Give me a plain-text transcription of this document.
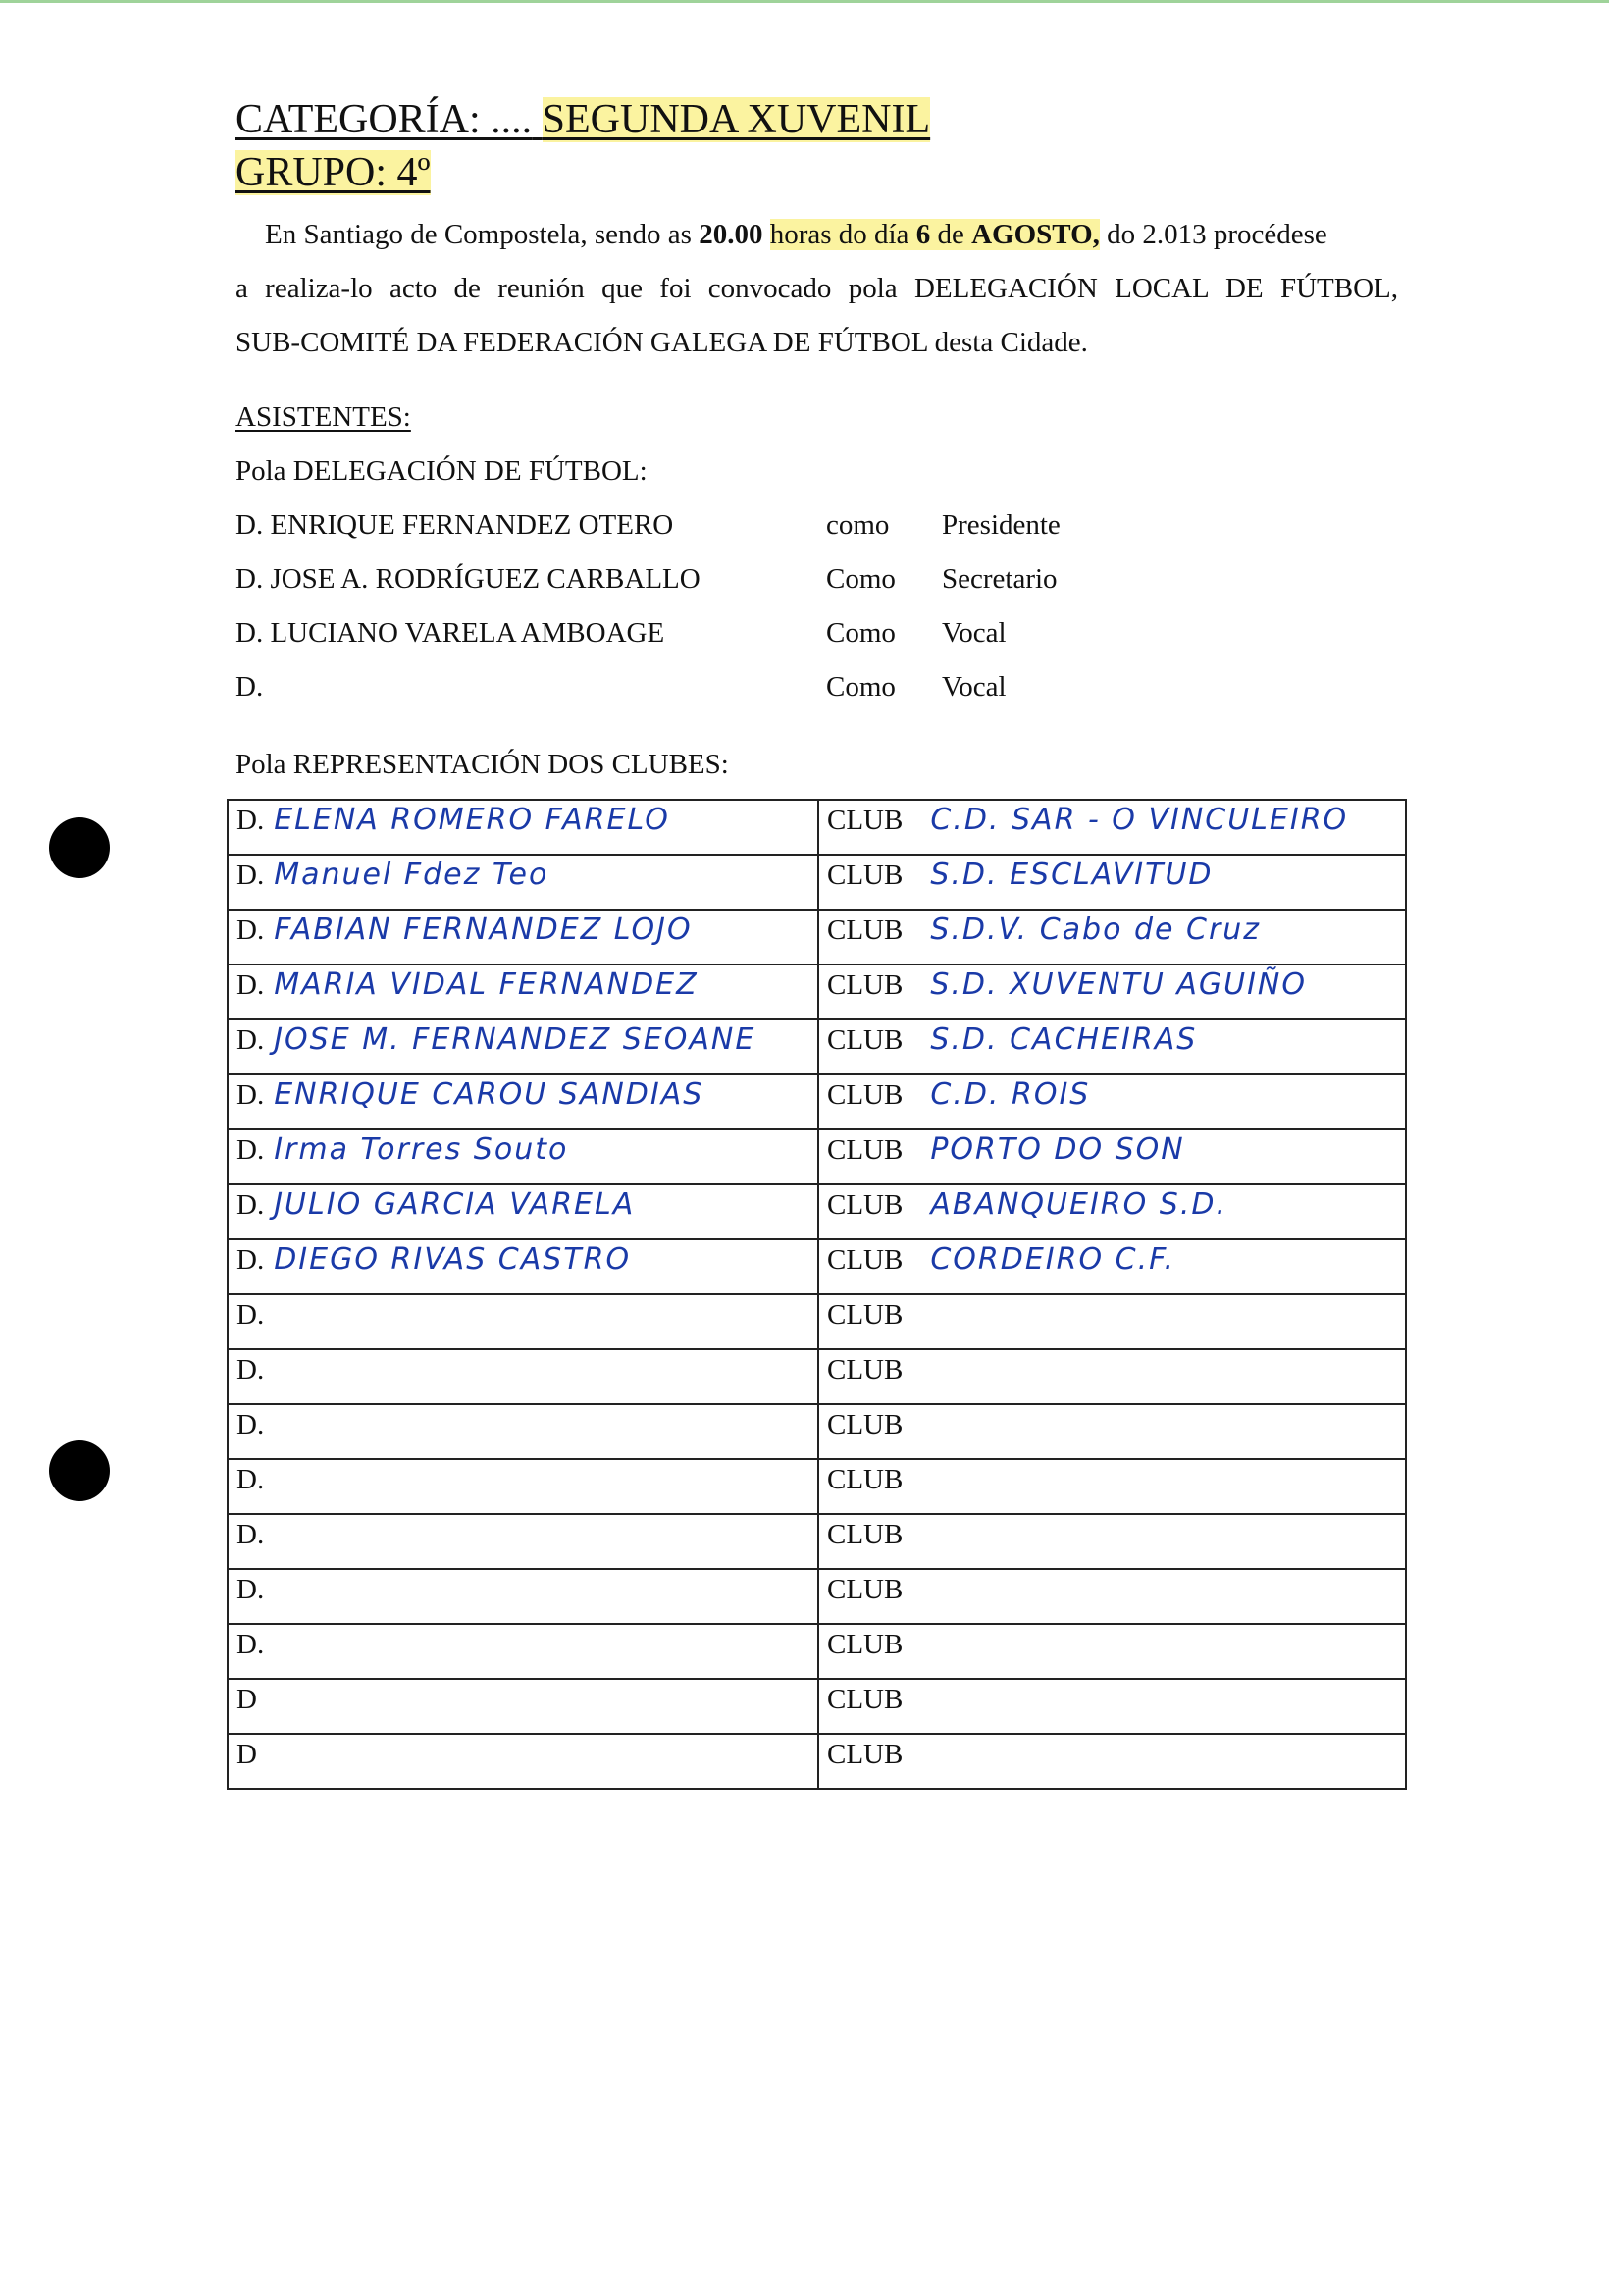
CATEGORÍA: .... SEGUNDA XUVENIL
GRUPO: 4º

En Santiago de Compostela, sendo as 20.00 horas do día 6 de AGOSTO, do 2.013 procédese
a realiza-lo acto de reunión que foi convocado pola DELEGACIÓN LOCAL DE FÚTBOL,
SUB-COMITÉ DA FEDERACIÓN GALEGA DE FÚTBOL desta Cidade.

ASISTENTES:

Pola DELEGACIÓN DE FÚTBOL:

D. ENRIQUE FERNANDEZ OTERO	como Presidente
D. JOSE A. RODRÍGUEZ CARBALLO	Como Secretario
D. LUCIANO VARELA AMBOAGE	Como Vocal
D.	Como Vocal

Pola REPRESENTACIÓN DOS CLUBES:

D. ELENA ROMERO FARELO	CLUB C.D. SAR - O VINCULEIRO
D. Manuel Fdez Teo	CLUB S.D. ESCLAVITUD
D. FABIAN FERNANDEZ LOJO	CLUB S.D.V. Cabo de Cruz
D. MARIA VIDAL FERNANDEZ	CLUB S.D. XUVENTU AGUIÑO
D. JOSE M. FERNANDEZ SEOANE	CLUB S.D. CACHEIRAS
D. ENRIQUE CAROU SANDIAS	CLUB C.D. ROIS
D. Irma Torres Souto	CLUB PORTO DO SON
D. JULIO GARCIA VARELA	CLUB ABANQUEIRO S.D.
D. DIEGO RIVAS CASTRO	CLUB CORDEIRO C.F.
D.	CLUB
D.	CLUB
D.	CLUB
D.	CLUB
D.	CLUB
D.	CLUB
D.	CLUB
D	CLUB
D	CLUB
